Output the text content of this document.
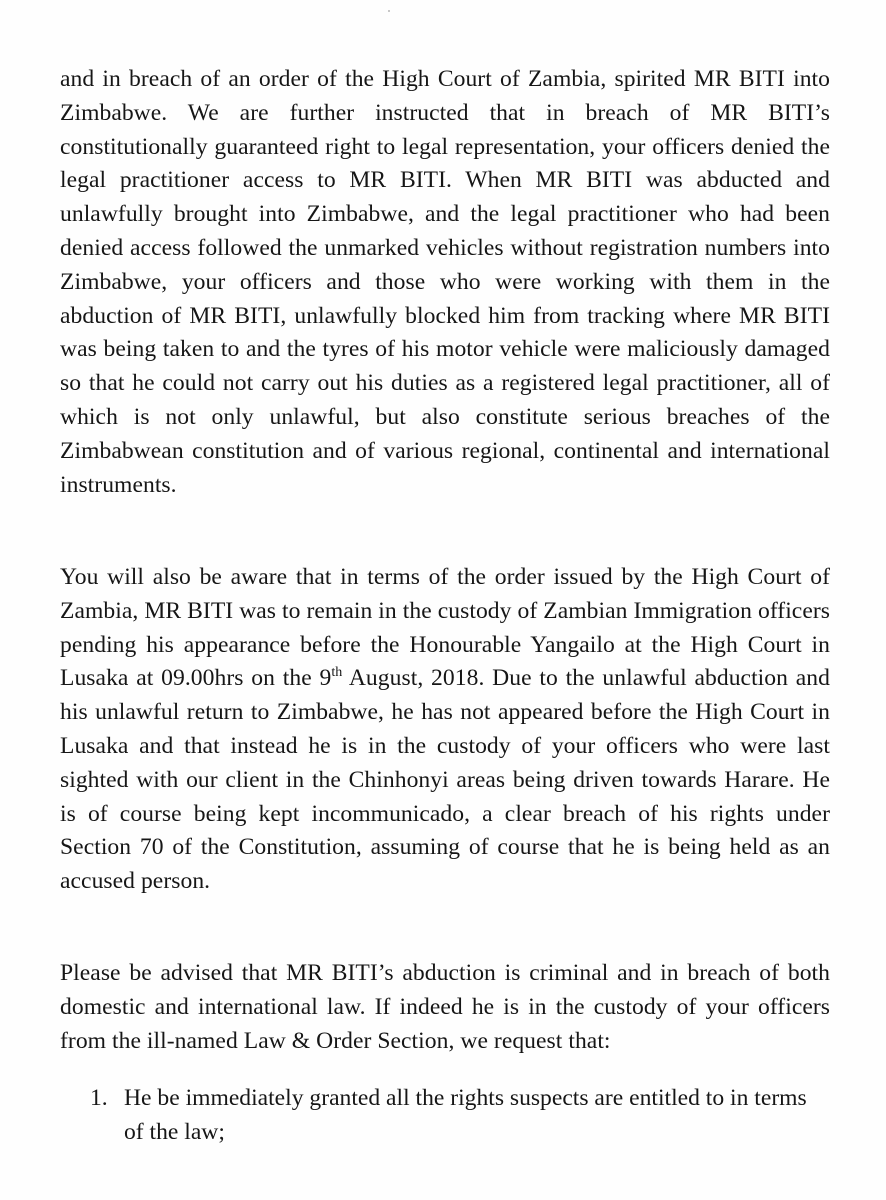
and in breach of an order of the High Court of Zambia, spirited MR BITI into Zimbabwe. We are further instructed that in breach of MR BITI’s constitutionally guaranteed right to legal representation, your officers denied the legal practitioner access to MR BITI. When MR BITI was abducted and unlawfully brought into Zimbabwe, and the legal practitioner who had been denied access followed the unmarked vehicles without registration numbers into Zimbabwe, your officers and those who were working with them in the abduction of MR BITI, unlawfully blocked him from tracking where MR BITI was being taken to and the tyres of his motor vehicle were maliciously damaged so that he could not carry out his duties as a registered legal practitioner, all of which is not only unlawful, but also constitute serious breaches of the Zimbabwean constitution and of various regional, continental and international instruments.

You will also be aware that in terms of the order issued by the High Court of Zambia, MR BITI was to remain in the custody of Zambian Immigration officers pending his appearance before the Honourable Yangailo at the High Court in Lusaka at 09.00hrs on the 9th August, 2018. Due to the unlawful abduction and his unlawful return to Zimbabwe, he has not appeared before the High Court in Lusaka and that instead he is in the custody of your officers who were last sighted with our client in the Chinhonyi areas being driven towards Harare. He is of course being kept incommunicado, a clear breach of his rights under Section 70 of the Constitution, assuming of course that he is being held as an accused person.

Please be advised that MR BITI’s abduction is criminal and in breach of both domestic and international law. If indeed he is in the custody of your officers from the ill-named Law & Order Section, we request that:

1. He be immediately granted all the rights suspects are entitled to in terms of the law;
